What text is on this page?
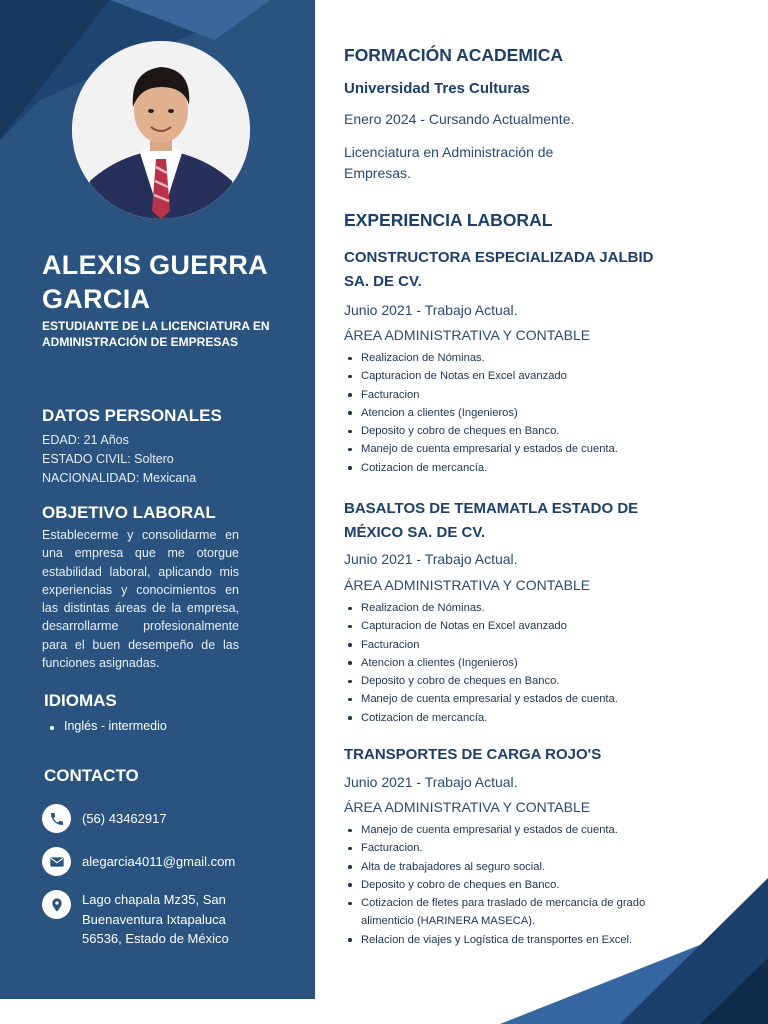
ALEXIS GUERRA GARCIA
ESTUDIANTE DE LA LICENCIATURA EN ADMINISTRACIÓN DE EMPRESAS
DATOS PERSONALES
EDAD: 21 Años
ESTADO CIVIL: Soltero
NACIONALIDAD: Mexicana
OBJETIVO LABORAL
Establecerme y consolidarme en una empresa que me otorgue estabilidad laboral, aplicando mis experiencias y conocimientos en las distintas áreas de la empresa, desarrollarme profesionalmente para el buen desempeño de las funciones asignadas.
IDIOMAS
Inglés - intermedio
CONTACTO
(56) 43462917
alegarcia4011@gmail.com
Lago chapala Mz35, San
Buenaventura Ixtapaluca
56536, Estado de México
FORMACIÓN ACADEMICA
Universidad Tres Culturas
Enero 2024 - Cursando Actualmente.
Licenciatura en Administración de
Empresas.
EXPERIENCIA LABORAL
CONSTRUCTORA ESPECIALIZADA JALBID
SA. DE CV.
Junio 2021 - Trabajo Actual.
ÁREA ADMINISTRATIVA Y CONTABLE
Realizacion de Nóminas.
Capturacion de Notas en Excel avanzado
Facturacion
Atencion a clientes (Ingenieros)
Deposito y cobro de cheques en Banco.
Manejo de cuenta empresarial y estados de cuenta.
Cotizacion de mercancía.
BASALTOS DE TEMAMATLA ESTADO DE
MÉXICO SA. DE CV.
Junio 2021 - Trabajo Actual.
ÁREA ADMINISTRATIVA Y CONTABLE
Realizacion de Nóminas.
Capturacion de Notas en Excel avanzado
Facturacion
Atencion a clientes (Ingenieros)
Deposito y cobro de cheques en Banco.
Manejo de cuenta empresarial y estados de cuenta.
Cotizacion de mercancía.
TRANSPORTES DE CARGA ROJO'S
Junio 2021 - Trabajo Actual.
ÁREA ADMINISTRATIVA Y CONTABLE
Manejo de cuenta empresarial y estados de cuenta.
Facturacion.
Alta de trabajadores al seguro social.
Deposito y cobro de cheques en Banco.
Cotizacion de fletes para traslado de mercancía de grado alimenticio (HARINERA MASECA).
Relacion de viajes y Logística de transportes en Excel.
